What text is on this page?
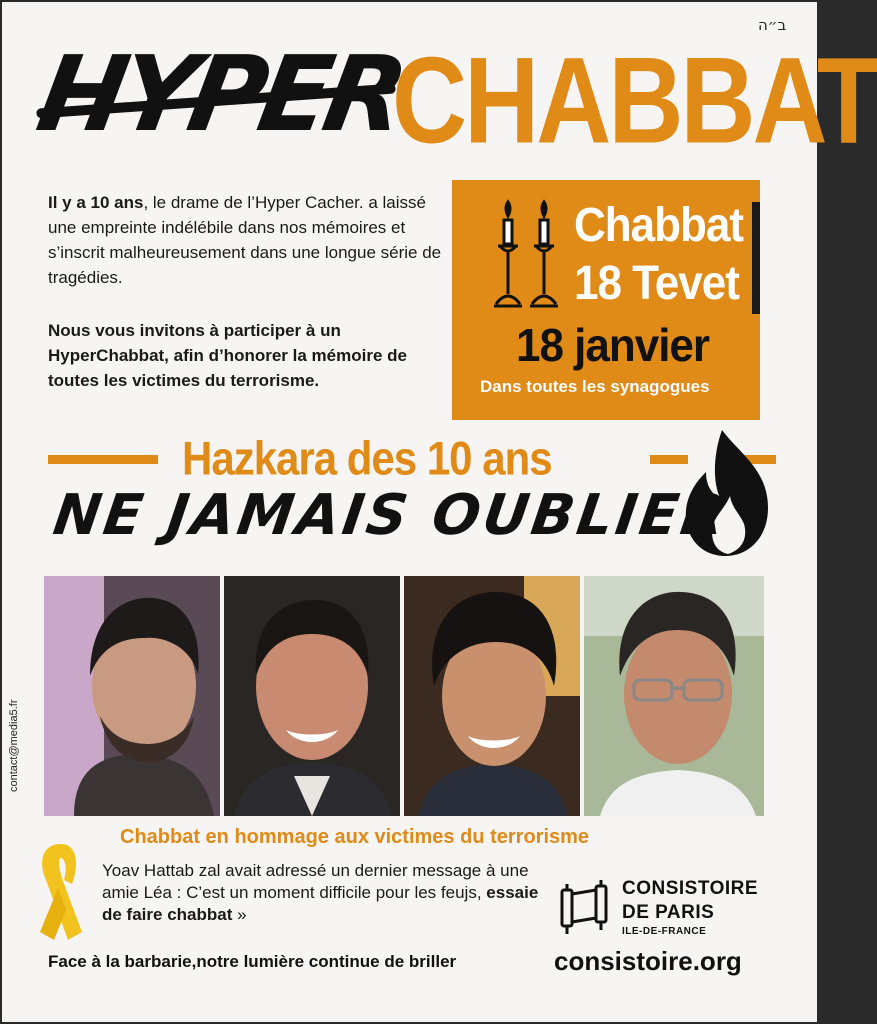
ב״ה
HYPER
CHABBAT
Il y a 10 ans, le drame de l’Hyper Cacher. a laissé une empreinte indélébile dans nos mémoires et s’inscrit malheureusement dans une longue série de tragédies.
Nous vous invitons à participer à un HyperChabbat, afin d’honorer la mémoire de toutes les victimes du terrorisme.
Chabbat
18 Tevet
18 janvier
Dans toutes les synagogues
Hazkara des 10 ans
NE JAMAIS OUBLIER
contact@media5.fr
Chabbat en hommage aux victimes du terrorisme
Yoav Hattab zal avait adressé un dernier message à une amie Léa : C’est un moment difficile pour les feujs, essaie de faire chabbat »
Face à la barbarie,notre lumière continue de briller
CONSISTOIRE
DE PARIS
ILE-DE-FRANCE
consistoire.org
